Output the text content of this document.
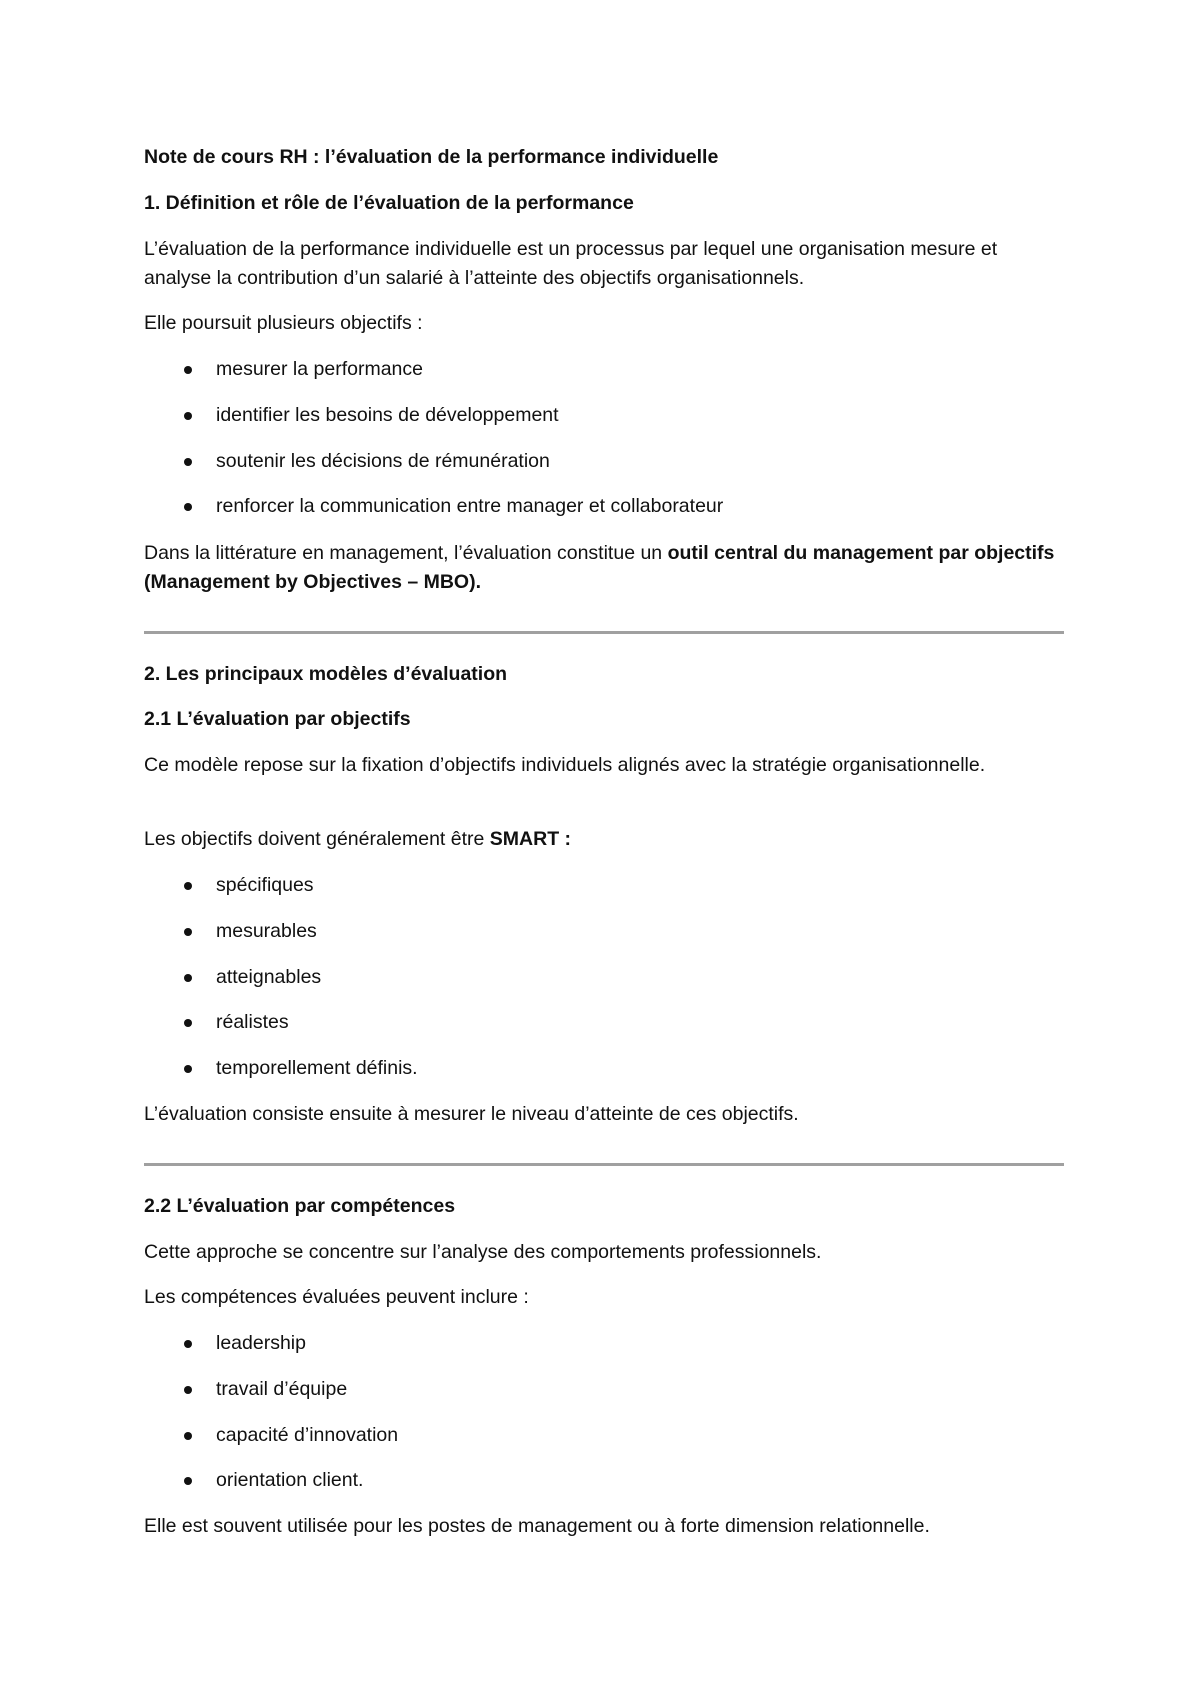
Note de cours RH : l’évaluation de la performance individuelle

1. Définition et rôle de l’évaluation de la performance

L’évaluation de la performance individuelle est un processus par lequel une organisation mesure et analyse la contribution d’un salarié à l’atteinte des objectifs organisationnels.

Elle poursuit plusieurs objectifs :

mesurer la performance

identifier les besoins de développement

soutenir les décisions de rémunération

renforcer la communication entre manager et collaborateur

Dans la littérature en management, l’évaluation constitue un outil central du management par objectifs (Management by Objectives – MBO).

2. Les principaux modèles d’évaluation

2.1 L’évaluation par objectifs

Ce modèle repose sur la fixation d’objectifs individuels alignés avec la stratégie organisationnelle.

Les objectifs doivent généralement être SMART :

spécifiques

mesurables

atteignables

réalistes

temporellement définis.

L’évaluation consiste ensuite à mesurer le niveau d’atteinte de ces objectifs.

2.2 L’évaluation par compétences

Cette approche se concentre sur l’analyse des comportements professionnels.

Les compétences évaluées peuvent inclure :

leadership

travail d’équipe

capacité d’innovation

orientation client.

Elle est souvent utilisée pour les postes de management ou à forte dimension relationnelle.
